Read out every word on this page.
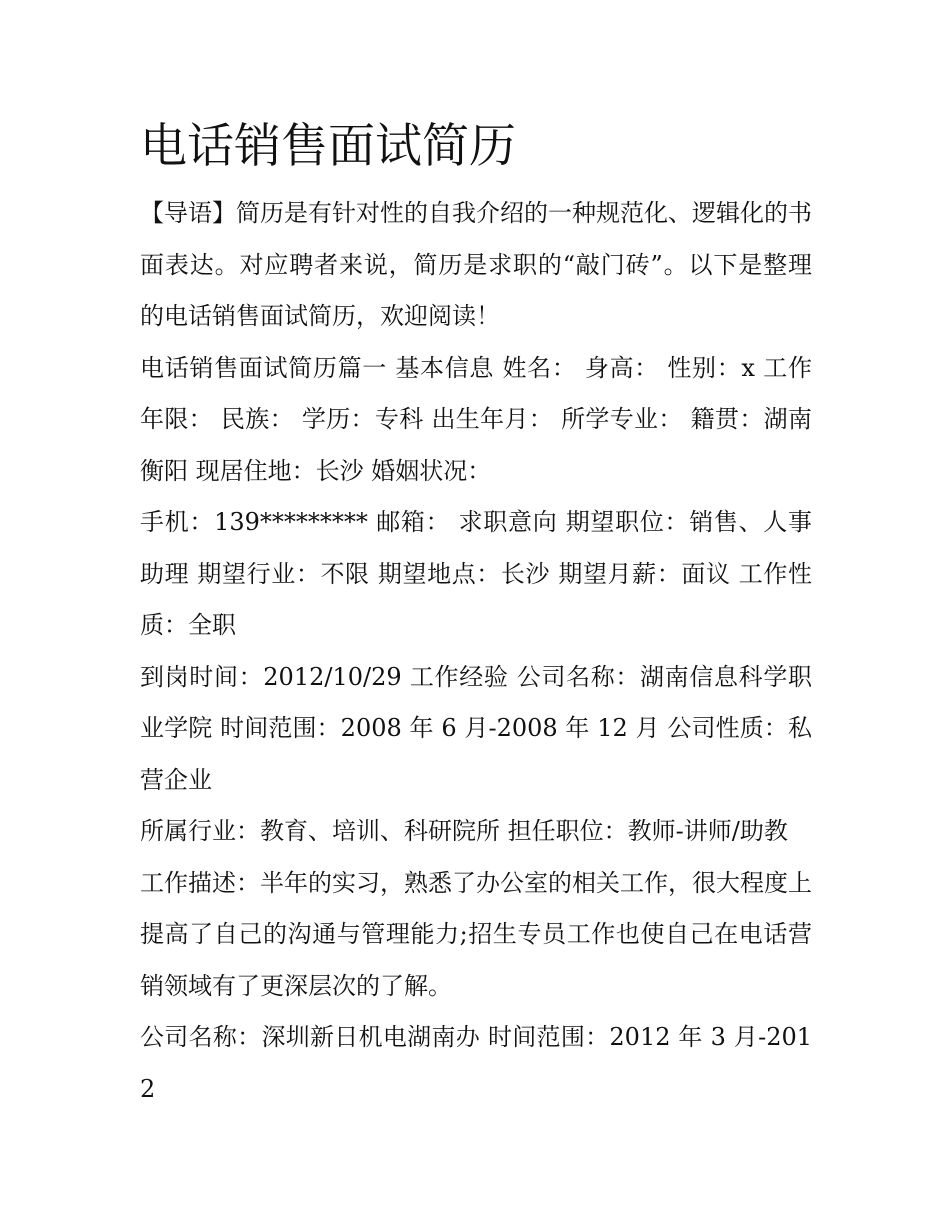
电话销售面试简历

【导语】简历是有针对性的自我介绍的一种规范化、逻辑化的书面表达。对应聘者来说，简历是求职的“敲门砖”。以下是整理的电话销售面试简历，欢迎阅读！

电话销售面试简历篇一 基本信息 姓名： 身高： 性别：x 工作年限： 民族： 学历：专科 出生年月： 所学专业： 籍贯：湖南衡阳 现居住地：长沙 婚姻状况：

手机：139********* 邮箱： 求职意向 期望职位：销售、人事助理 期望行业：不限 期望地点：长沙 期望月薪：面议 工作性质：全职

到岗时间：2012/10/29 工作经验 公司名称：湖南信息科学职业学院 时间范围：2008 年 6 月-2008 年 12 月 公司性质：私营企业

所属行业：教育、培训、科研院所 担任职位：教师-讲师/助教

工作描述：半年的实习，熟悉了办公室的相关工作，很大程度上提高了自己的沟通与管理能力;招生专员工作也使自己在电话营销领域有了更深层次的了解。

公司名称：深圳新日机电湖南办 时间范围：2012 年 3 月-2012
